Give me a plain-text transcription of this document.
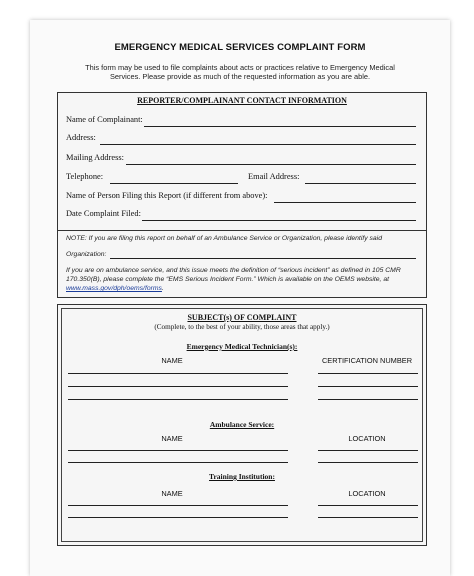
EMERGENCY MEDICAL SERVICES COMPLAINT FORM
This form may be used to file complaints about acts or practices relative to Emergency Medical Services. Please provide as much of the requested information as you are able.
REPORTER/COMPLAINANT CONTACT INFORMATION
Name of Complainant:
Address:
Mailing Address:
Telephone:	Email Address:
Name of Person Filing this Report (if different from above):
Date Complaint Filed:
NOTE: If you are filing this report on behalf of an Ambulance Service or Organization, please identify said
Organization:
If you are on ambulance service, and this issue meets the definition of “serious incident” as defined in 105 CMR 170.350(B), please complete the “EMS Serious Incident Form.” Which is available on the OEMS website, at www.mass.gov/dph/oems/forms.
SUBJECT(s) OF COMPLAINT
(Complete, to the best of your ability, those areas that apply.)
Emergency Medical Technician(s):
NAME	CERTIFICATION NUMBER
Ambulance Service:
NAME	LOCATION
Training Institution:
NAME	LOCATION
